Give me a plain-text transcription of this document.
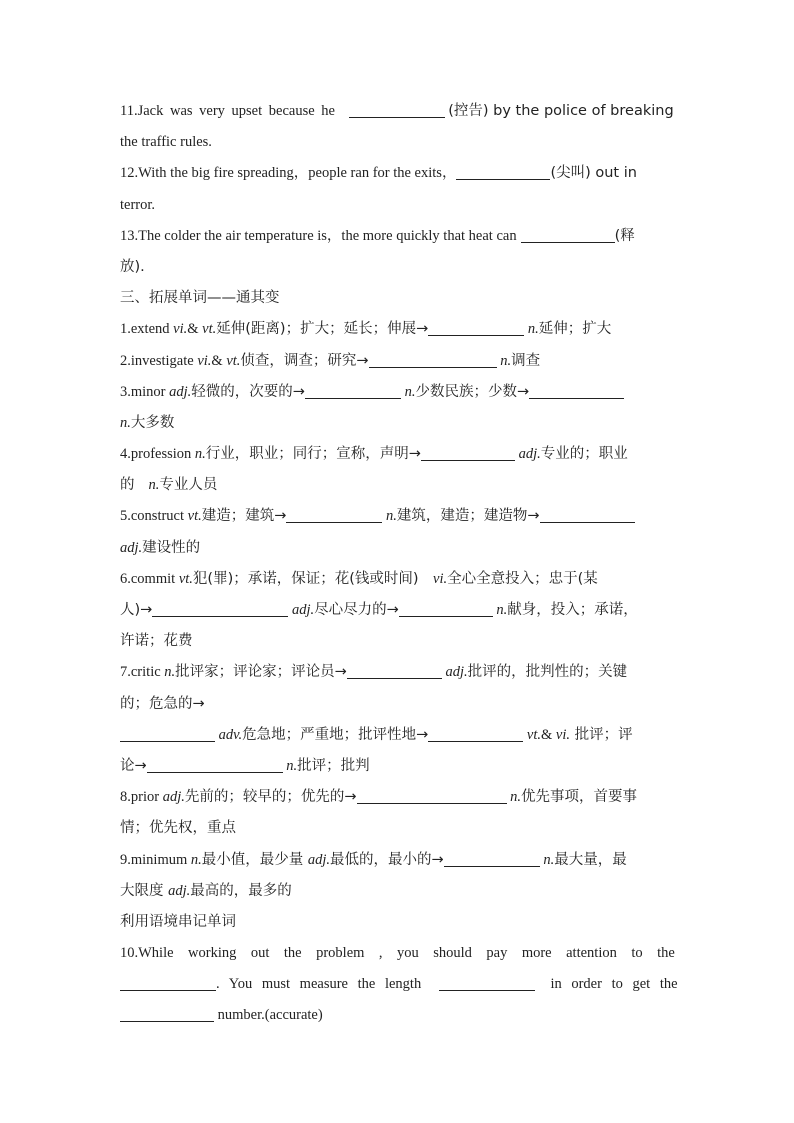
11.Jack was very upset because he	(控告) by the police of breaking
the traffic rules.
12.With the big fire spreading，people ran for the exits，	(尖叫) out in
terror.
13.The colder the air temperature is，the more quickly that heat can	(释
放).
三、拓展单词——通其变
1.extend vi.& vt.延伸(距离)；扩大；延长；伸展→	n.延伸；扩大
2.investigate vi.& vt.侦查，调查；研究→	n.调查
3.minor adj.轻微的，次要的→	n.少数民族；少数→
n.大多数
4.profession n.行业，职业；同行；宣称，声明→	adj.专业的；职业
的 n.专业人员
5.construct vt.建造；建筑→	n.建筑，建造；建造物→
adj.建设性的
6.commit vt.犯(罪)；承诺，保证；花(钱或时间)　vi.全心全意投入；忠于(某
人)→	adj.尽心尽力的→	n.献身，投入；承诺，
许诺；花费
7.critic n.批评家；评论家；评论员→	adj.批评的，批判性的；关键
的；危急的→
adv.危急地；严重地；批评性地→	vt.& vi. 批评；评
论→	n.批评；批判
8.prior adj.先前的；较早的；优先的→	n.优先事项，首要事
情；优先权，重点
9.minimum n.最小值，最少量 adj.最低的，最小的→	n.最大量，最
大限度 adj.最高的，最多的
利用语境串记单词
10.While working out the problem , you should pay more attention to the
. You must measure the length	in order to get the
number.(accurate)
